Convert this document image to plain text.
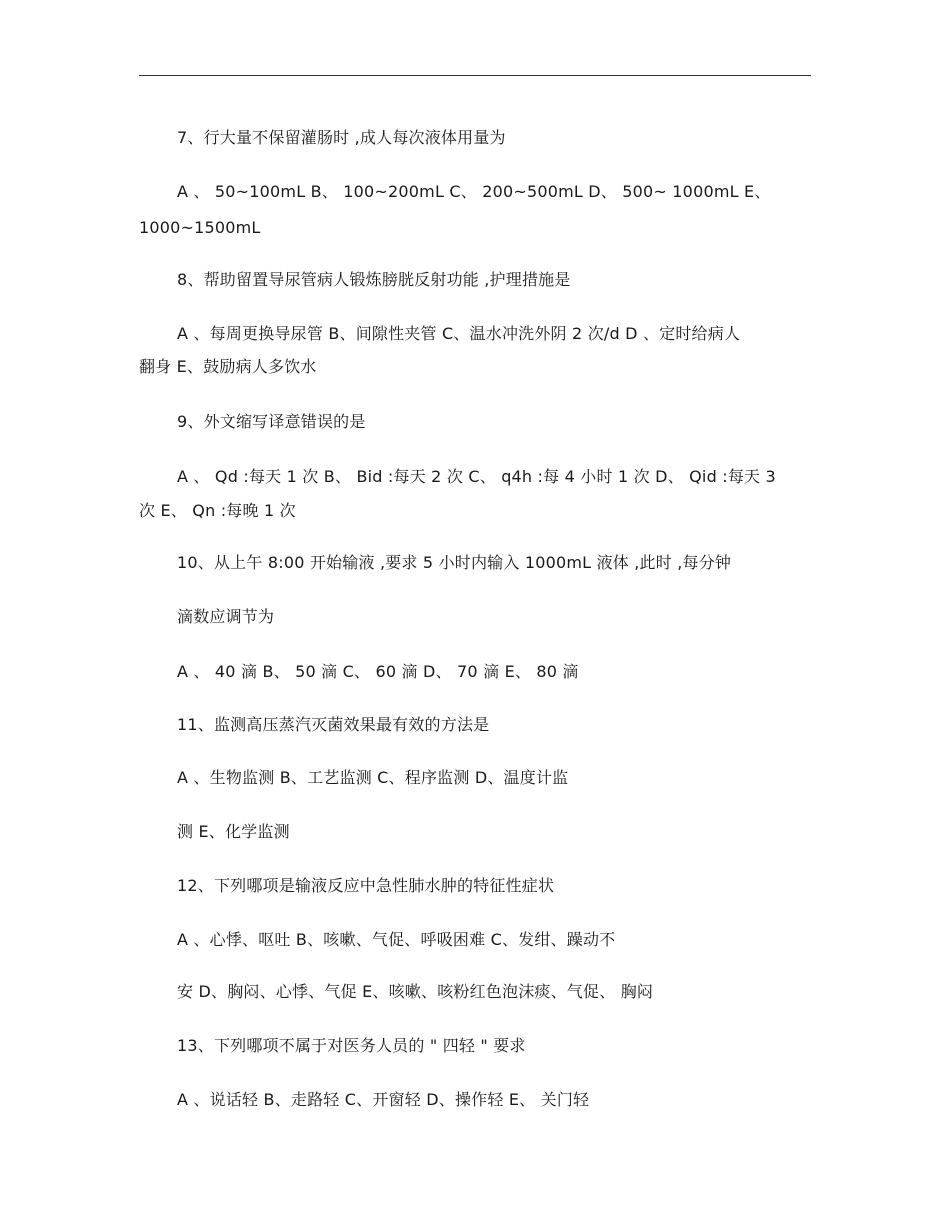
7、行大量不保留灌肠时 ,成人每次液体用量为
A 、 50~100mL B、 100~200mL C、 200~500mL D、 500~ 1000mL E、
1000~1500mL
8、帮助留置导尿管病人锻炼膀胱反射功能 ,护理措施是
A 、每周更换导尿管 B、间隙性夹管 C、温水冲洗外阴 2 次/d D 、定时给病人
翻身 E、鼓励病人多饮水
9、外文缩写译意错误的是
A 、 Qd :每天 1 次 B、 Bid :每天 2 次 C、 q4h :每 4 小时 1 次 D、 Qid :每天 3
次 E、 Qn :每晚 1 次
10、从上午 8:00 开始输液 ,要求 5 小时内输入 1000mL 液体 ,此时 ,每分钟
滴数应调节为
A 、 40 滴 B、 50 滴 C、 60 滴 D、 70 滴 E、 80 滴
11、监测高压蒸汽灭菌效果最有效的方法是
A 、生物监测 B、工艺监测 C、程序监测 D、温度计监
测 E、化学监测
12、下列哪项是输液反应中急性肺水肿的特征性症状
A 、心悸、呕吐 B、咳嗽、气促、呼吸困难 C、发绀、躁动不
安 D、胸闷、心悸、气促 E、咳嗽、咳粉红色泡沫痰、气促、 胸闷
13、下列哪项不属于对医务人员的 " 四轻 " 要求
A 、说话轻 B、走路轻 C、开窗轻 D、操作轻 E、 关门轻
